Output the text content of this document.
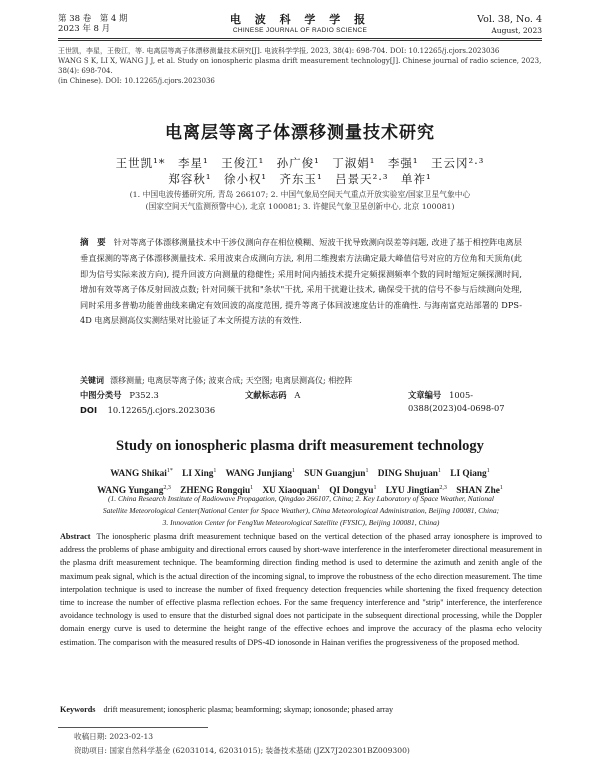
第 38 卷　第 4 期
2023 年 8 月
电 波 科 学 学 报
CHINESE JOURNAL OF RADIO SCIENCE
Vol. 38, No. 4
August, 2023
王世凯，李星，王俊江，等. 电离层等离子体漂移测量技术研究[J]. 电波科学学报, 2023, 38(4): 698-704. DOI: 10.12265/j.cjors.2023036
WANG S K, LI X, WANG J J, et al. Study on ionospheric plasma drift measurement technology[J]. Chinese journal of radio science, 2023, 38(4): 698-704.
(in Chinese). DOI: 10.12265/j.cjors.2023036
电离层等离子体漂移测量技术研究
王世凯¹*　李星¹　王俊江¹　孙广俊¹　丁淑娟¹　李强¹　王云冈²·³
郑容秋¹　徐小权¹　齐东玉¹　吕景天²·³　单祚¹
(1. 中国电波传播研究所, 青岛 266107; 2. 中国气象局空间天气重点开放实验室/国家卫星气象中心
(国家空间天气监测预警中心), 北京 100081; 3. 许健民气象卫星创新中心, 北京 100081)
摘　要 针对等离子体漂移测量技术中干涉仪测向存在相位模糊、短波干扰导致测向误差等问题, 改进了基于相控阵电离层垂直探测的等离子体漂移测量技术. 采用波束合成测向方法, 利用二维搜索方法确定最大峰值信号对应的方位角和天顶角(此即为信号实际来波方向), 提升回波方向测量的稳健性; 采用时间内插技术提升定频探测频率个数的同时缩短定频探测时间, 增加有效等离子体反射回波点数; 针对同频干扰和"条状"干扰, 采用干扰避让技术, 确保受干扰的信号不参与后续测向处理, 同时采用多普勒功能普曲线来确定有效回波的高度范围, 提升等离子体回波速度估计的准确性. 与海南富克站部署的 DPS-4D 电离层测高仪实测结果对比验证了本文所提方法的有效性.
关键词 漂移测量; 电离层等离子体; 波束合成; 天空图; 电离层测高仪; 相控阵
中图分类号 P352.3	文献标志码 A	文章编号 1005-0388(2023)04-0698-07
DOI 10.12265/j.cjors.2023036
Study on ionospheric plasma drift measurement technology
WANG Shikai$^{1*}$ LI Xing$^1$ WANG Junjiang$^1$ SUN Guangjun$^1$ DING Shujuan$^1$ LI Qiang$^1$
WANG Yungang$^{2,3}$ ZHENG Rongqiu$^1$ XU Xiaoquan$^1$ QI Dongyu$^1$ LYU Jingtian$^{2,3}$ SHAN Zhe$^1$
(1. China Research Institute of Radiowave Propagation, Qingdao 266107, China; 2. Key Laboratory of Space Weather, National
Satellite Meteorological Center(National Center for Space Weather), China Meteorological Administration, Beijing 100081, China;
3. Innovation Center for FengYun Meteorological Satellite (FYSIC), Beijing 100081, China)
Abstract The ionospheric plasma drift measurement technique based on the vertical detection of the phased array ionosphere is improved to address the problems of phase ambiguity and directional errors caused by short-wave interference in the interferometer directional measurement in the plasma drift measurement technique. The beamforming direction finding method is used to determine the azimuth and zenith angle of the maximum peak signal, which is the actual direction of the incoming signal, to improve the robustness of the echo direction measurement. The time interpolation technique is used to increase the number of fixed frequency detection frequencies while shortening the fixed frequency detection time to increase the number of effective plasma reflection echoes. For the same frequency interference and "strip" interference, the interference avoidance technology is used to ensure that the disturbed signal does not participate in the subsequent directional processing, while the Doppler domain energy curve is used to determine the height range of the effective echoes and improve the accuracy of the plasma echo velocity estimation. The comparison with the measured results of DPS-4D ionosonde in Hainan verifies the progressiveness of the proposed method.
Keywords drift measurement; ionospheric plasma; beamforming; skymap; ionosonde; phased array
收稿日期: 2023-02-13
资助项目: 国家自然科学基金 (62031014, 62031015); 装备技术基础 (JZX7J202301BZ009300)
